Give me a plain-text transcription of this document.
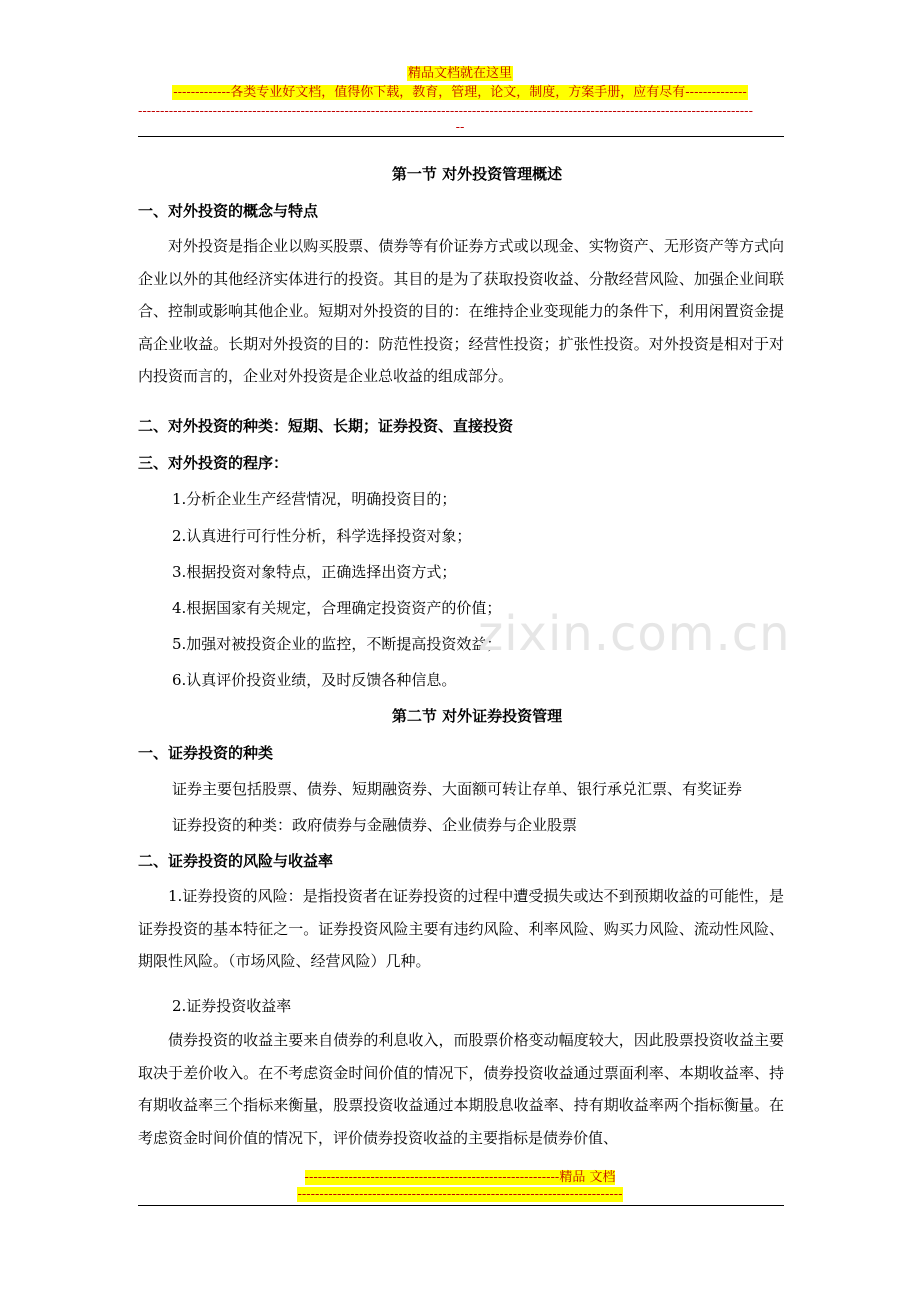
精品文档就在这里
-------------各类专业好文档，值得你下载，教育，管理，论文，制度，方案手册，应有尽有--------------
--------------------------------------------------------------------------------------------------------------------------------------------
--
第一节 对外投资管理概述
一、对外投资的概念与特点

对外投资是指企业以购买股票、债券等有价证券方式或以现金、实物资产、无形资产等方式向企业以外的其他经济实体进行的投资。其目的是为了获取投资收益、分散经营风险、加强企业间联合、控制或影响其他企业。短期对外投资的目的：在维持企业变现能力的条件下，利用闲置资金提高企业收益。长期对外投资的目的：防范性投资；经营性投资；扩张性投资。对外投资是相对于对内投资而言的，企业对外投资是企业总收益的组成部分。

二、对外投资的种类：短期、长期；证券投资、直接投资
三、对外投资的程序：
1.分析企业生产经营情况，明确投资目的；
2.认真进行可行性分析，科学选择投资对象；
3.根据投资对象特点，正确选择出资方式；
4.根据国家有关规定，合理确定投资资产的价值；
5.加强对被投资企业的监控，不断提高投资效益；
6.认真评价投资业绩，及时反馈各种信息。
第二节 对外证券投资管理
一、证券投资的种类
证券主要包括股票、债券、短期融资券、大面额可转让存单、银行承兑汇票、有奖证券
证券投资的种类：政府债券与金融债券、企业债券与企业股票
二、证券投资的风险与收益率

1.证券投资的风险：是指投资者在证券投资的过程中遭受损失或达不到预期收益的可能性，是证券投资的基本特征之一。证券投资风险主要有违约风险、利率风险、购买力风险、流动性风险、期限性风险。（市场风险、经营风险）几种。

2.证券投资收益率

债券投资的收益主要来自债券的利息收入，而股票价格变动幅度较大，因此股票投资收益主要取决于差价收入。在不考虑资金时间价值的情况下，债券投资收益通过票面利率、本期收益率、持有期收益率三个指标来衡量，股票投资收益通过本期股息收益率、持有期收益率两个指标衡量。在考虑资金时间价值的情况下，评价债券投资收益的主要指标是债券价值、

zixin.com.cn
----------------------------------------------------------精品 文档
--------------------------------------------------------------------------
